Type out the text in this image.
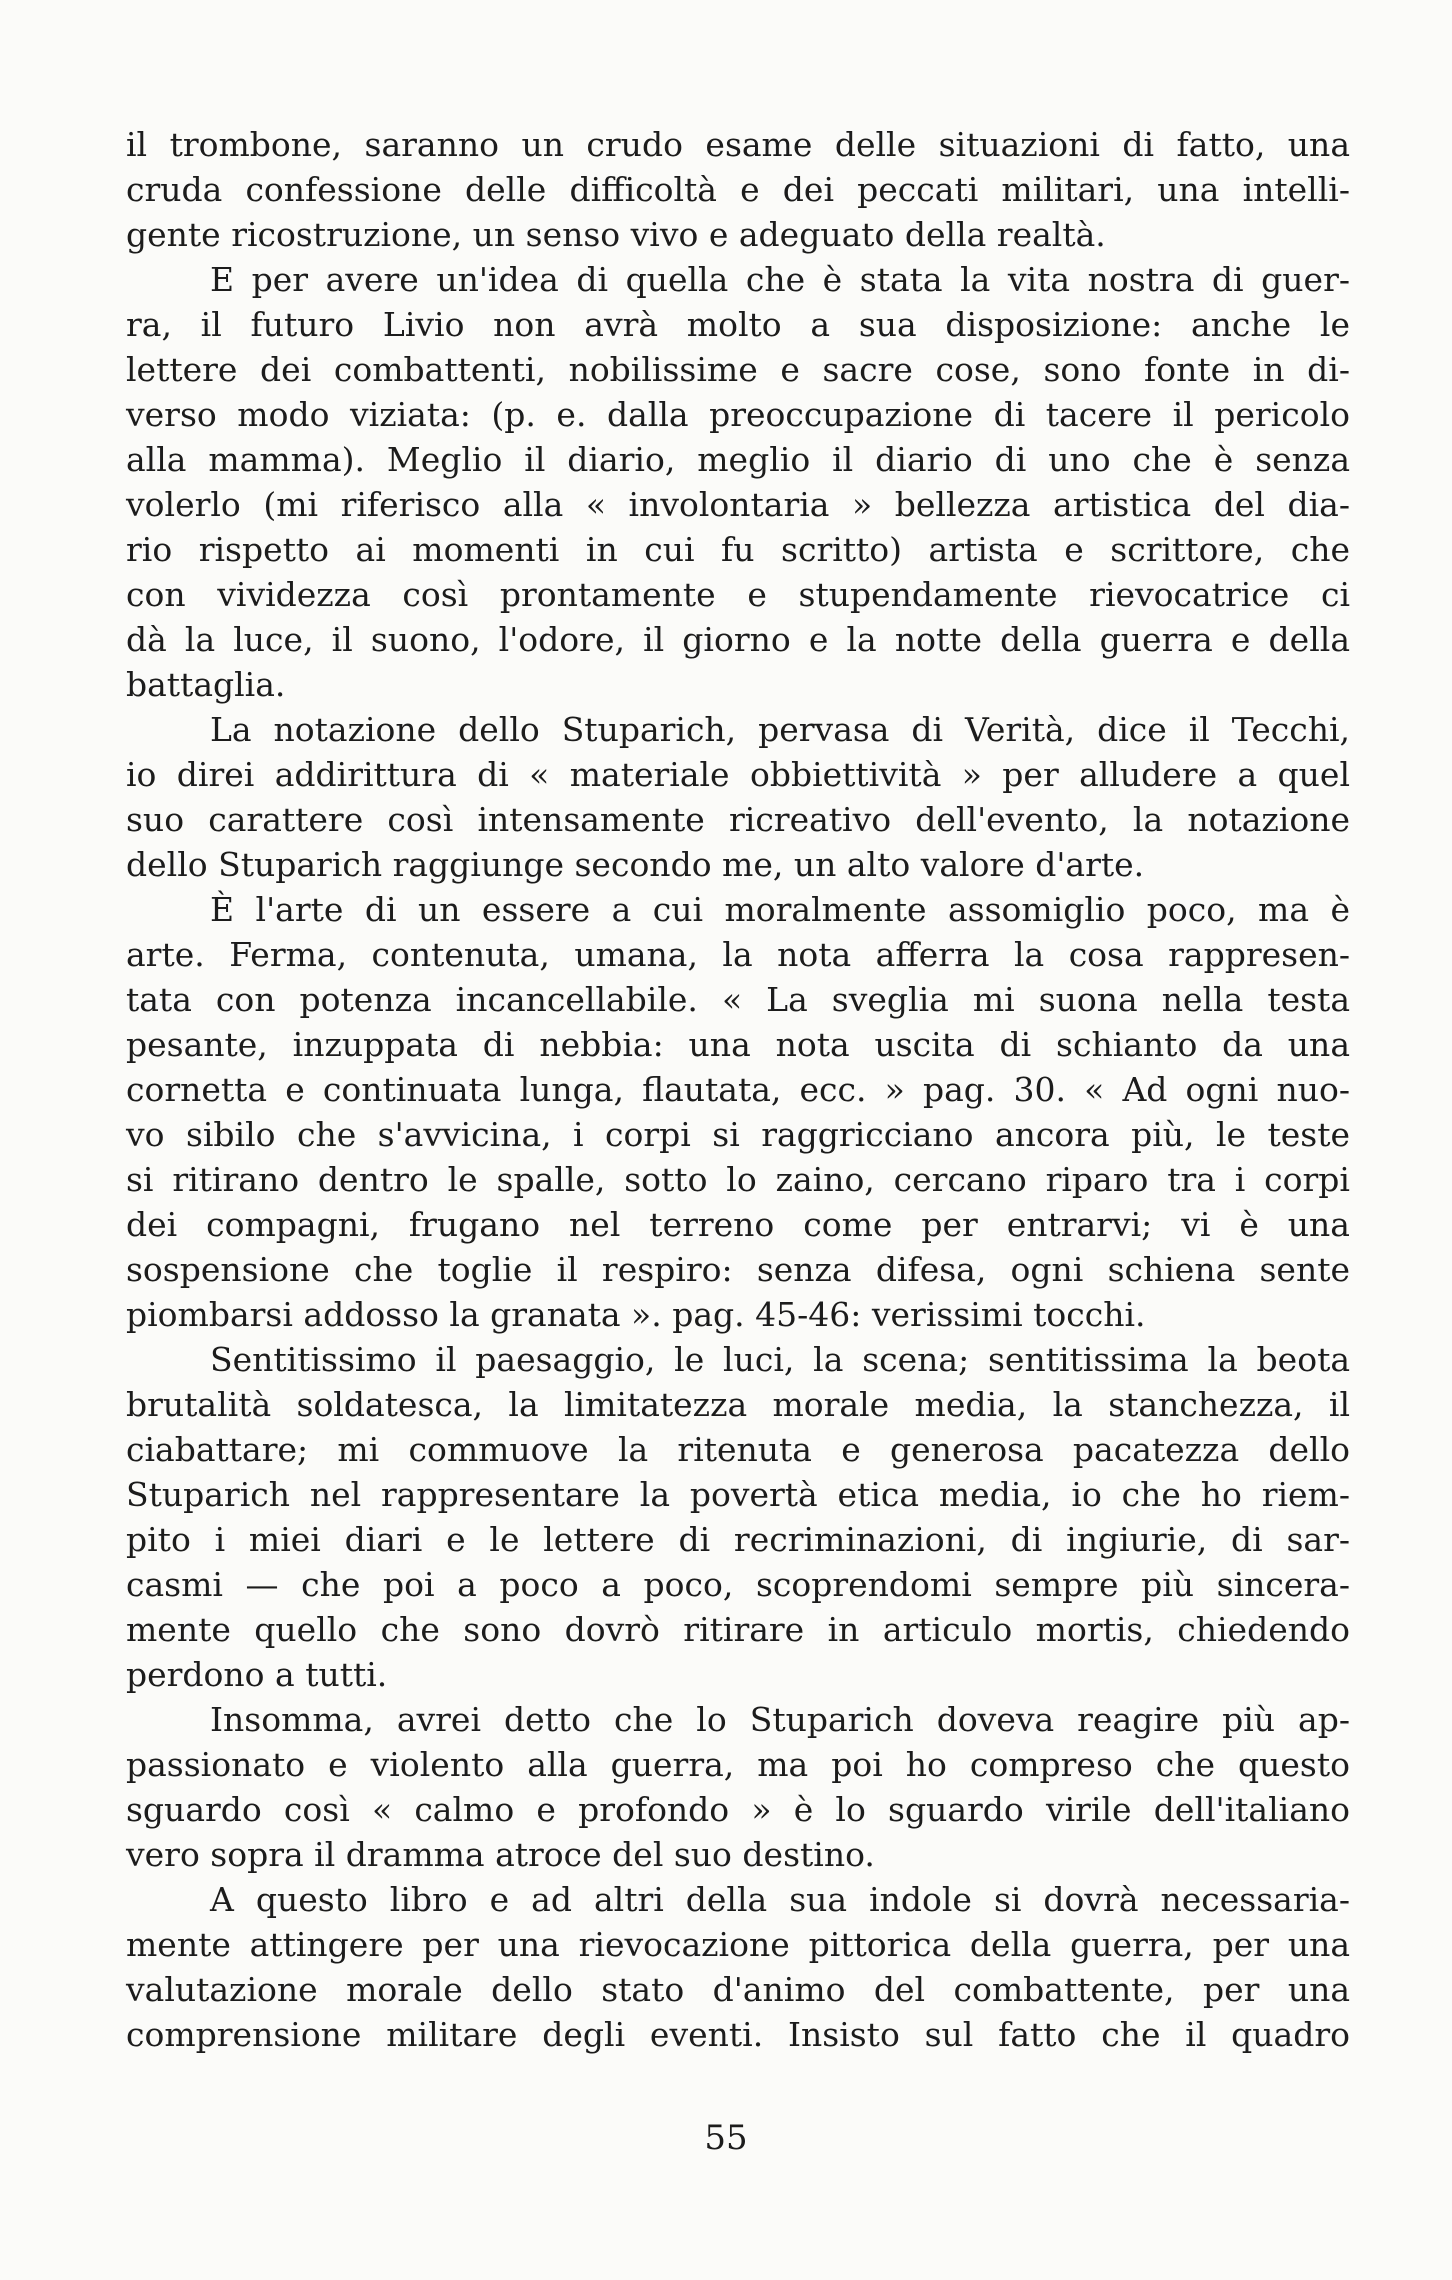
il trombone, saranno un crudo esame delle situazioni di fatto, una
cruda confessione delle difficoltà e dei peccati militari, una intelli-
gente ricostruzione, un senso vivo e adeguato della realtà.
E per avere un'idea di quella che è stata la vita nostra di guer-
ra, il futuro Livio non avrà molto a sua disposizione: anche le
lettere dei combattenti, nobilissime e sacre cose, sono fonte in di-
verso modo viziata: (p. e. dalla preoccupazione di tacere il pericolo
alla mamma). Meglio il diario, meglio il diario di uno che è senza
volerlo (mi riferisco alla « involontaria » bellezza artistica del dia-
rio rispetto ai momenti in cui fu scritto) artista e scrittore, che
con vividezza così prontamente e stupendamente rievocatrice ci
dà la luce, il suono, l'odore, il giorno e la notte della guerra e della
battaglia.
La notazione dello Stuparich, pervasa di Verità, dice il Tecchi,
io direi addirittura di « materiale obbiettività » per alludere a quel
suo carattere così intensamente ricreativo dell'evento, la notazione
dello Stuparich raggiunge secondo me, un alto valore d'arte.
È l'arte di un essere a cui moralmente assomiglio poco, ma è
arte. Ferma, contenuta, umana, la nota afferra la cosa rappresen-
tata con potenza incancellabile. « La sveglia mi suona nella testa
pesante, inzuppata di nebbia: una nota uscita di schianto da una
cornetta e continuata lunga, flautata, ecc. » pag. 30. « Ad ogni nuo-
vo sibilo che s'avvicina, i corpi si raggricciano ancora più, le teste
si ritirano dentro le spalle, sotto lo zaino, cercano riparo tra i corpi
dei compagni, frugano nel terreno come per entrarvi; vi è una
sospensione che toglie il respiro: senza difesa, ogni schiena sente
piombarsi addosso la granata ». pag. 45-46: verissimi tocchi.
Sentitissimo il paesaggio, le luci, la scena; sentitissima la beota
brutalità soldatesca, la limitatezza morale media, la stanchezza, il
ciabattare; mi commuove la ritenuta e generosa pacatezza dello
Stuparich nel rappresentare la povertà etica media, io che ho riem-
pito i miei diari e le lettere di recriminazioni, di ingiurie, di sar-
casmi — che poi a poco a poco, scoprendomi sempre più sincera-
mente quello che sono dovrò ritirare in articulo mortis, chiedendo
perdono a tutti.
Insomma, avrei detto che lo Stuparich doveva reagire più ap-
passionato e violento alla guerra, ma poi ho compreso che questo
sguardo così « calmo e profondo » è lo sguardo virile dell'italiano
vero sopra il dramma atroce del suo destino.
A questo libro e ad altri della sua indole si dovrà necessaria-
mente attingere per una rievocazione pittorica della guerra, per una
valutazione morale dello stato d'animo del combattente, per una
comprensione militare degli eventi. Insisto sul fatto che il quadro
55
